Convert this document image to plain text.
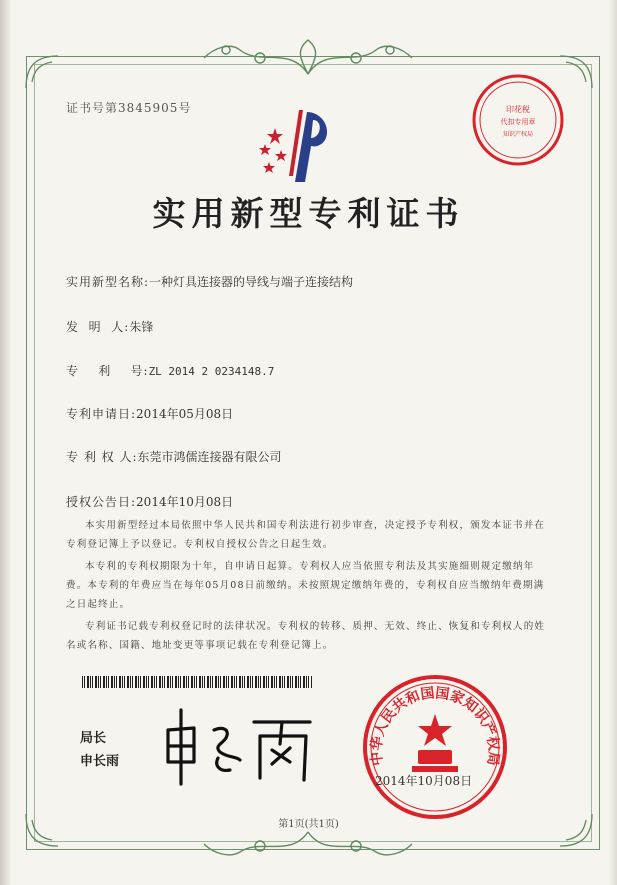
证书号第3845905号	印花税
代扣专用章
知识产权局
实用新型专利证书
实用新型名称:一种灯具连接器的导线与端子连接结构
发  明  人:朱锋
专    利    号:ZL 2014 2 0234148.7
专利申请日:2014年05月08日
专 利 权 人:东莞市鸿儒连接器有限公司
授权公告日:2014年10月08日

本实用新型经过本局依照中华人民共和国专利法进行初步审查，决定授予专利权，颁发本证书并在专利登记簿上予以登记。专利权自授权公告之日起生效。

本专利的专利权期限为十年，自申请日起算。专利权人应当依照专利法及其实施细则规定缴纳年费。本专利的年费应当在每年05月08日前缴纳。未按照规定缴纳年费的，专利权自应当缴纳年费期满之日起终止。

专利证书记载专利权登记时的法律状况。专利权的转移、质押、无效、终止、恢复和专利权人的姓名或名称、国籍、地址变更等事项记载在专利登记簿上。

局长
申长雨	中华人民共和国国家知识产权局
2014年10月08日
第1页(共1页)
